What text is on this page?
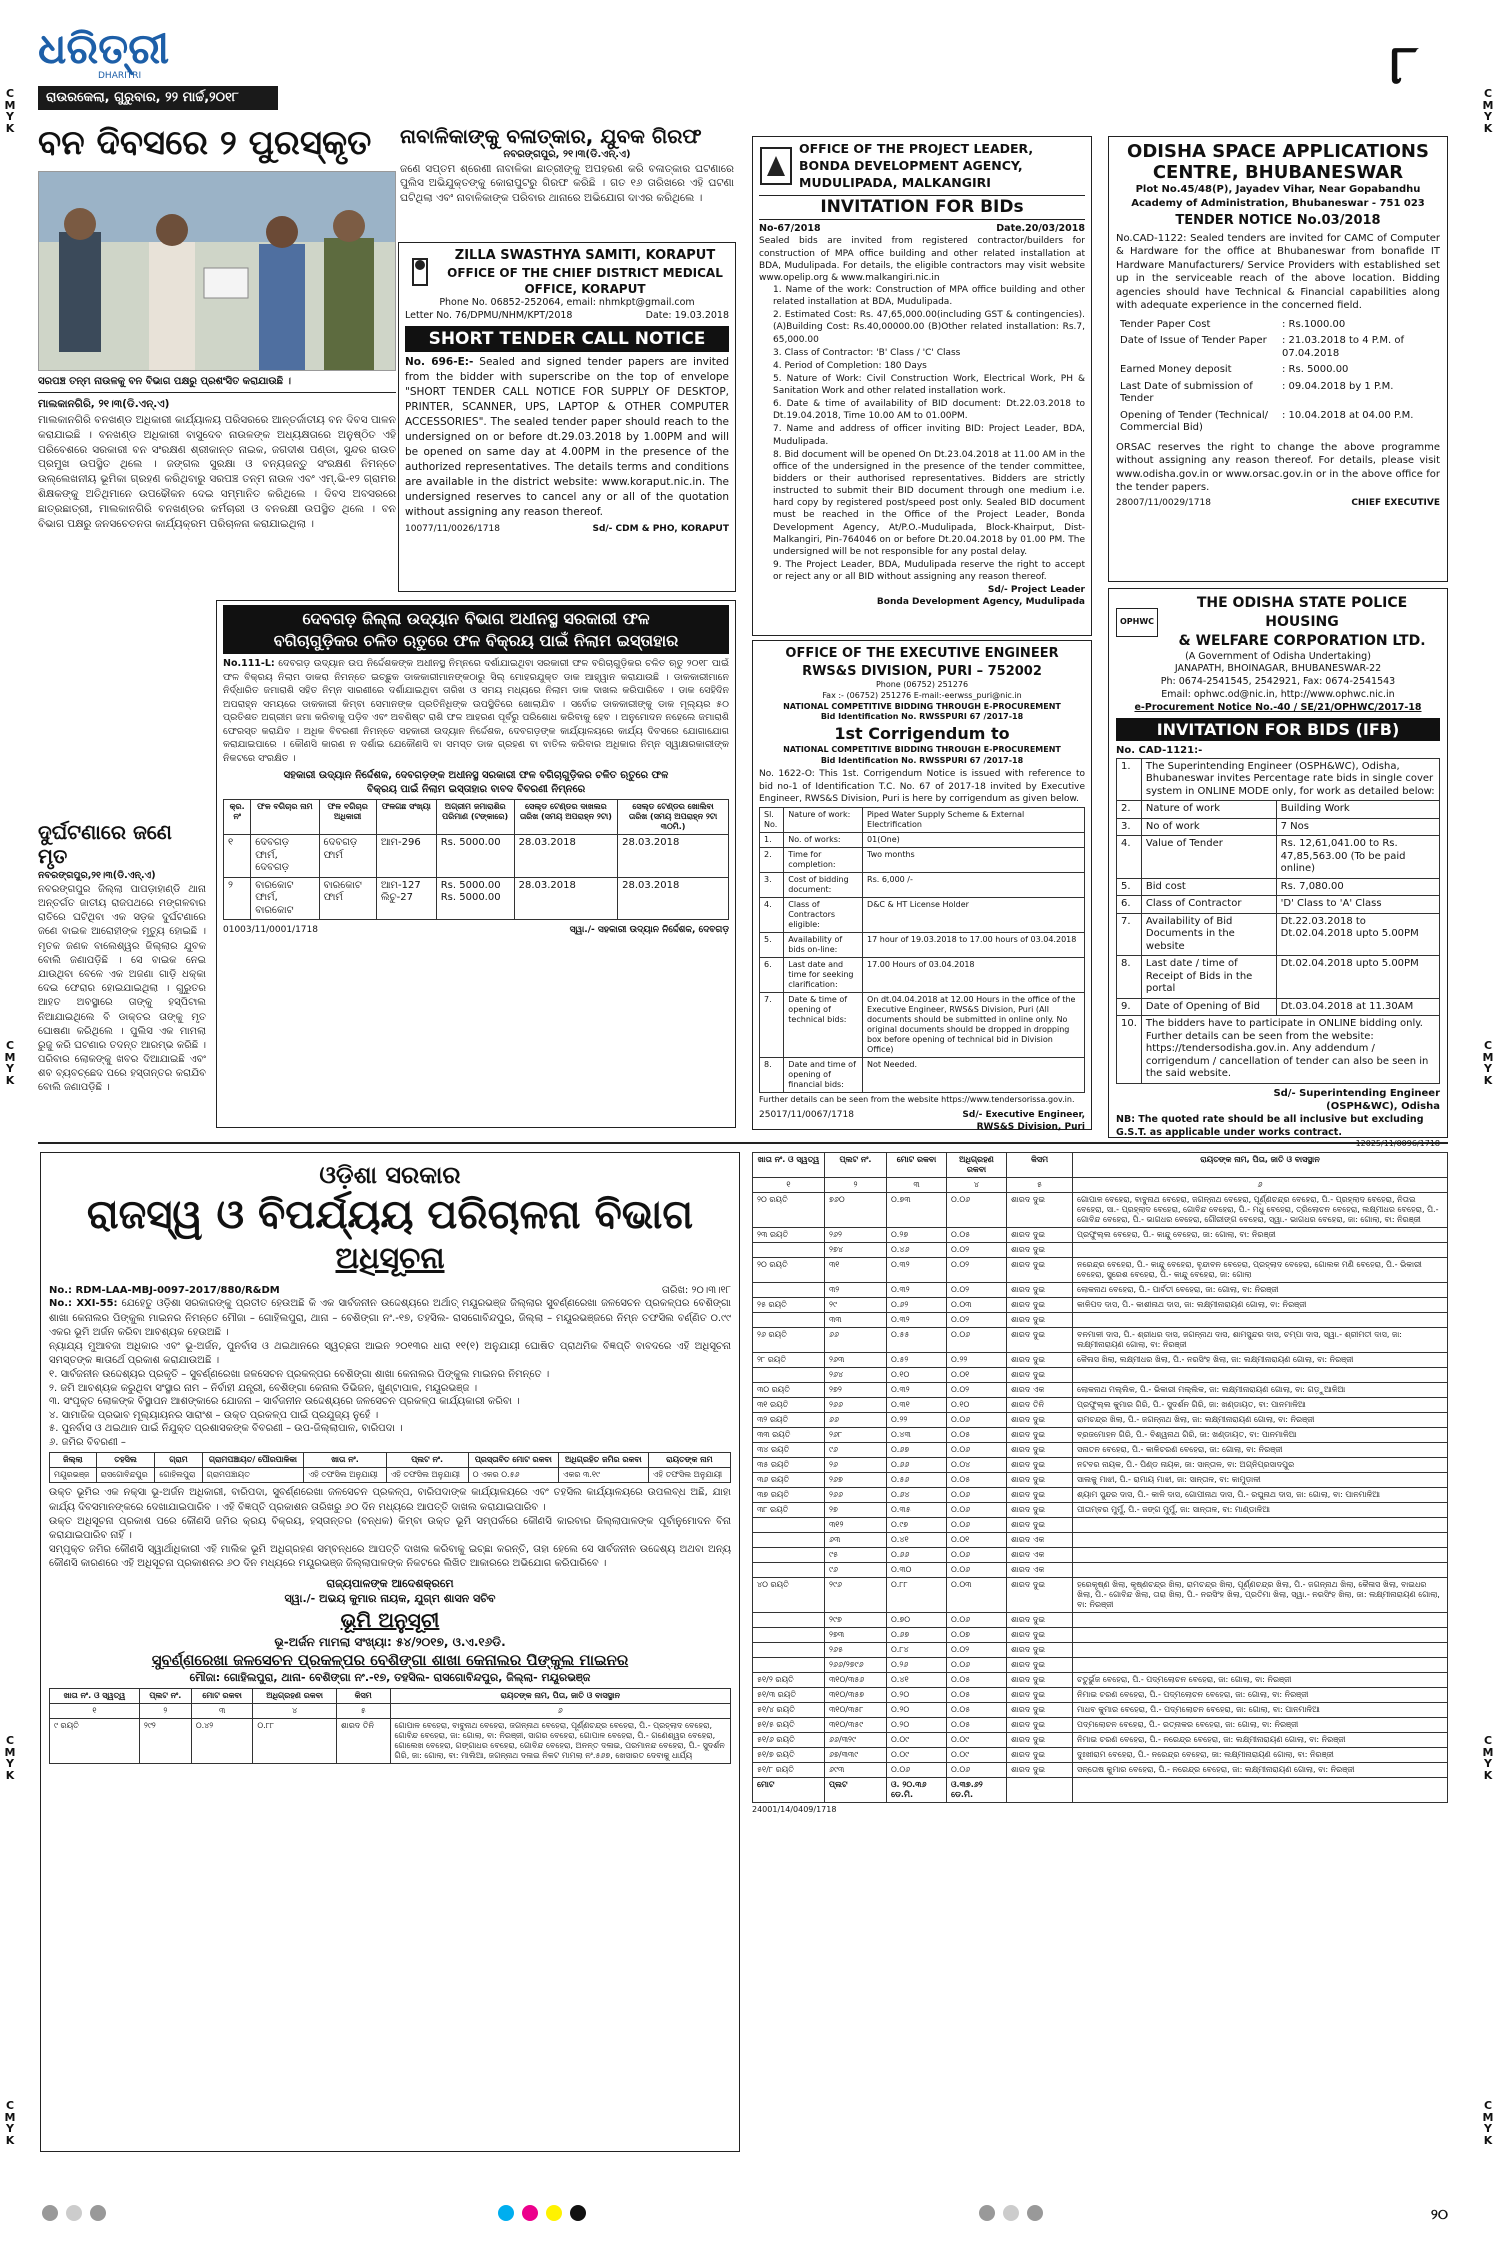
C
M
Y
K
C
M
Y
K
C
M
Y
K
C
M
Y
K
C
M
Y
K
C
M
Y
K
C
M
Y
K
C
M
Y
K
ଧରିତ୍ରୀ
DHARITRI
ରାଉରକେଲା, ଗୁରୁବାର, ୨୨ ମାର୍ଚ୍ଚ,୨୦୧୮
୮
ବନ ଦିବସରେ ୨ ପୁରସ୍କୃତ
ସରପଞ୍ଚ ତନ୍ମ ନାଉଳକୁ ବନ ବିଭାଗ ପକ୍ଷରୁ ପ୍ରଶଂସିତ କରାଯାଉଛି ।
ମାଲକାନଗିରି, ୨୧।୩(ଡି.ଏନ୍.ଏ)
ମାଲକାନଗିରି ବନଖଣ୍ଡ ଅଧିକାରୀ କାର୍ଯ୍ୟାଳୟ ପରିସରରେ ଆନ୍ତର୍ଜାତୀୟ ବନ ଦିବସ ପାଳନ କରାଯାଇଛି । ବନଖଣ୍ଡ ଅଧିକାରୀ ବାସୁଦେବ ନାଉଳଙ୍କ ଅଧ୍ୟକ୍ଷତାରେ ଅନୁଷ୍ଠିତ ଏହି ପରିବେଶରେ ସରକାରୀ ବନ ସଂରକ୍ଷଣ ଶ୍ରୀକାନ୍ତ ନାଇକ, ଜଗଦୀଶ ପଣ୍ଡା, ସୁନ୍ଦର ରାଉତ ପ୍ରମୁଖ ଉପସ୍ଥିତ ଥିଲେ । ଜଙ୍ଗଲ ସୁରକ୍ଷା ଓ ବନ୍ୟଜନ୍ତୁ ସଂରକ୍ଷଣ ନିମନ୍ତେ ଉଲ୍ଲେଖନୀୟ ଭୂମିକା ଗ୍ରହଣ କରିଥିବାରୁ ସରପଞ୍ଚ ତନ୍ମ ନାଉଳ ଏବଂ ଏମ୍.ଭି-୧୨ ଗ୍ରାମର ଶିକ୍ଷକଙ୍କୁ ଅତିଥିମାନେ ଉପଢୌକନ ଦେଇ ସମ୍ମାନିତ କରିଥିଲେ । ଦିବସ ଅବସରରେ ଛାତ୍ରଛାତ୍ରୀ, ମାଲକାନଗିରି ବନଖଣ୍ଡର କର୍ମଚାରୀ ଓ ବନରକ୍ଷୀ ଉପସ୍ଥିତ ଥିଲେ । ବନ ବିଭାଗ ପକ୍ଷରୁ ଜନସଚେତନତା କାର୍ଯ୍ୟକ୍ରମ ପରିଚାଳନା କରାଯାଇଥିଲା ।
ଦୁର୍ଘଟଣାରେ ଜଣେ ମୃତ
ନବରଙ୍ଗପୁର,୨୧।୩(ଡି.ଏନ୍.ଏ)
ନବରଙ୍ଗପୁର ଜିଲ୍ଲା ପାପଡ଼ାହାଣ୍ଡି ଥାନା ଅନ୍ତର୍ଗତ ଜାତୀୟ ରାଜପଥରେ ମଙ୍ଗଳବାର ରାତିରେ ଘଟିଥିବା ଏକ ସଡ଼କ ଦୁର୍ଘଟଣାରେ ଜଣେ ବାଇକ ଆରୋହୀଙ୍କ ମୃତ୍ୟୁ ହୋଇଛି । ମୃତକ ଜଣକ ବାଲେଶ୍ୱର ଜିଲ୍ଲାର ଯୁବକ ବୋଲି ଜଣାପଡ଼ିଛି । ସେ ବାଇକ ନେଇ ଯାଉଥିବା ବେଳେ ଏକ ଅଜଣା ଗାଡ଼ି ଧକ୍କା ଦେଇ ଫେରାର ହୋଇଯାଇଥିଲା । ଗୁରୁତର ଆହତ ଅବସ୍ଥାରେ ତାଙ୍କୁ ହସ୍ପିଟାଲ ନିଆଯାଇଥିଲେ ବି ଡାକ୍ତର ତାଙ୍କୁ ମୃତ ଘୋଷଣା କରିଥିଲେ । ପୁଲିସ ଏକ ମାମଲା ରୁଜୁ କରି ଘଟଣାର ତଦନ୍ତ ଆରମ୍ଭ କରିଛି । ପରିବାର ଲୋକଙ୍କୁ ଖବର ଦିଆଯାଇଛି ଏବଂ ଶବ ବ୍ୟବଚ୍ଛେଦ ପରେ ହସ୍ତାନ୍ତର କରାଯିବ ବୋଲି ଜଣାପଡ଼ିଛି ।
ନାବାଳିକାଙ୍କୁ ବଳାତ୍କାର, ଯୁବକ ଗିରଫ
ନବରଙ୍ଗପୁର, ୨୧।୩(ଡି.ଏନ୍.ଏ)
ଜଣେ ସପ୍ତମ ଶ୍ରେଣୀ ନାବାଳିକା ଛାତ୍ରୀଙ୍କୁ ଅପହରଣ କରି ବଳାତ୍କାର ଘଟଣାରେ ପୁଲିସ ଅଭିଯୁକ୍ତଙ୍କୁ କୋରାପୁଟରୁ ଗିରଫ କରିଛି । ଗତ ୧୬ ତାରିଖରେ ଏହି ଘଟଣା ଘଟିଥିଲା ଏବଂ ନାବାଳିକାଙ୍କ ପରିବାର ଥାନାରେ ଅଭିଯୋଗ ଦାଏର କରିଥିଲେ ।
ZILLA SWASTHYA SAMITI, KORAPUT
OFFICE OF THE CHIEF DISTRICT MEDICAL OFFICE, KORAPUT
Phone No. 06852-252064, email: nhmkpt@gmail.com
Letter No. 76/DPMU/NHM/KPT/2018	Date: 19.03.2018
SHORT TENDER CALL NOTICE
No. 696-E:- Sealed and signed tender papers are invited from the bidder with superscribe on the top of envelope "SHORT TENDER CALL NOTICE FOR SUPPLY OF DESKTOP, PRINTER, SCANNER, UPS, LAPTOP & OTHER COMPUTER ACCESSORIES". The sealed tender paper should reach to the undersigned on or before dt.29.03.2018 by 1.00PM and will be opened on same day at 4.00PM in the presence of the authorized representatives. The details terms and conditions are available in the district website: www.koraput.nic.in. The undersigned reserves to cancel any or all of the quotation without assigning any reason thereof.
10077/11/0026/1718	Sd/- CDM & PHO, KORAPUT
OFFICE OF THE PROJECT LEADER,
BONDA DEVELOPMENT AGENCY,
MUDULIPADA, MALKANGIRI
INVITATION FOR BIDs
No-67/2018	Date.20/03/2018
Sealed bids are invited from registered contractor/builders for construction of MPA office building and other related installation at BDA, Mudulipada. For details, the eligible contractors may visit website www.opelip.org & www.malkangiri.nic.in
1. Name of the work: Construction of MPA office building and other related installation at BDA, Mudulipada.
2. Estimated Cost: Rs. 47,65,000.00(including GST & contingencies). (A)Building Cost: Rs.40,00000.00 (B)Other related installation: Rs.7, 65,000.00
3. Class of Contractor: 'B' Class / 'C' Class
4. Period of Completion: 180 Days
5. Nature of Work: Civil Construction Work, Electrical Work, PH & Sanitation Work and other related installation work.
6. Date & time of availability of BID document: Dt.22.03.2018 to Dt.19.04.2018, Time 10.00 AM to 01.00PM.
7. Name and address of officer inviting BID: Project Leader, BDA, Mudulipada.
8. Bid document will be opened On Dt.23.04.2018 at 11.00 AM in the office of the undersigned in the presence of the tender committee, bidders or their authorised representatives. Bidders are strictly instructed to submit their BID document through one medium i.e. hard copy by registered post/speed post only. Sealed BID document must be reached in the Office of the Project Leader, Bonda Development Agency, At/P.O.-Mudulipada, Block-Khairput, Dist- Malkangiri, Pin-764046 on or before Dt.20.04.2018 by 01.00 PM. The undersigned will be not responsible for any postal delay.
9. The Project Leader, BDA, Mudulipada reserve the right to accept or reject any or all BID without assigning any reason thereof.
Sd/- Project Leader
Bonda Development Agency, Mudulipada
ODISHA SPACE APPLICATIONS
CENTRE, BHUBANESWAR
Plot No.45/48(P), Jayadev Vihar, Near Gopabandhu
Academy of Administration, Bhubaneswar - 751 023
TENDER NOTICE No.03/2018
No.CAD-1122: Sealed tenders are invited for CAMC of Computer & Hardware for the office at Bhubaneswar from bonafide IT Hardware Manufacturers/ Service Providers with established set up in the serviceable reach of the above location. Bidding agencies should have Technical & Financial capabilities along with adequate experience in the concerned field.
Tender Paper Cost	: Rs.1000.00
Date of Issue of Tender Paper	: 21.03.2018 to 4 P.M. of 07.04.2018
Earned Money deposit	: Rs. 5000.00
Last Date of submission of Tender	: 09.04.2018 by 1 P.M.
Opening of Tender (Technical/ Commercial Bid)	: 10.04.2018 at 04.00 P.M.
ORSAC reserves the right to change the above programme without assigning any reason thereof. For details, please visit www.odisha.gov.in or www.orsac.gov.in or in the above office for the tender papers.
28007/11/0029/1718	CHIEF EXECUTIVE
OPHWC
THE ODISHA STATE POLICE HOUSING
& WELFARE CORPORATION LTD.
(A Government of Odisha Undertaking)
JANAPATH, BHOINAGAR, BHUBANESWAR-22
Ph: 0674-2541545, 2542921, Fax: 0674-2541543
Email: ophwc.od@nic.in, http://www.ophwc.nic.in
e-Procurement Notice No.-40 / SE/21/OPHWC/2017-18
INVITATION FOR BIDS (IFB)
No. CAD-1121:-
1.	The Superintending Engineer (OSPH&WC), Odisha, Bhubaneswar invites Percentage rate bids in single cover system in ONLINE MODE only, for work as detailed below:	
2.	Nature of work	Building Work
3.	No of work	7 Nos
4.	Value of Tender	Rs. 12,61,041.00 to Rs. 47,85,563.00 (To be paid online)
5.	Bid cost	Rs. 7,080.00
6.	Class of Contractor	'D' Class to 'A' Class
7.	Availability of Bid Documents in the website	Dt.22.03.2018 to Dt.02.04.2018 upto 5.00PM
8.	Last date / time of Receipt of Bids in the portal	Dt.02.04.2018 upto 5.00PM
9.	Date of Opening of Bid	Dt.03.04.2018 at 11.30AM
10.	The bidders have to participate in ONLINE bidding only. Further details can be seen from the website: https://tendersodisha.gov.in. Any addendum / corrigendum / cancellation of tender can also be seen in the said website.	
Sd/- Superintending Engineer
(OSPH&WC), Odisha
NB: The quoted rate should be all inclusive but excluding G.S.T. as applicable under works contract.
OFFICE OF THE EXECUTIVE ENGINEER
RWS&S DIVISION, PURI – 752002
Phone (06752) 251276
Fax :- (06752) 251276 E-mail:-eerwss_puri@nic.in
NATIONAL COMPETITIVE BIDDING THROUGH E-PROCUREMENT
Bid Identification No. RWSSPURI 67 /2017-18
1st Corrigendum to
NATIONAL COMPETITIVE BIDDING THROUGH E-PROCUREMENT
Bid Identification No. RWSSPURI 67 /2017-18
No. 1622-O: This 1st. Corrigendum Notice is issued with reference to bid no-1 of Identification T.C. No. 67 of 2017-18 invited by Executive Engineer, RWS&S Division, Puri is here by corrigendum as given below.
Sl. No.	Nature of work:	Piped Water Supply Scheme & External Electrification
1.	No. of works:	01(One)
2.	Time for completion:	Two months
3.	Cost of bidding document:	Rs. 6,000 /-
4.	Class of Contractors eligible:	D&C & HT License Holder
5.	Availability of bids on-line:	17 hour of 19.03.2018 to 17.00 hours of 03.04.2018
6.	Last date and time for seeking clarification:	17.00 Hours of 03.04.2018
7.	Date & time of opening of technical bids:	On dt.04.04.2018 at 12.00 Hours in the office of the Executive Engineer, RWS&S Division, Puri (All documents should be submitted in online only. No original documents should be dropped in dropping box before opening of technical bid in Division Office)
8.	Date and time of opening of financial bids:	Not Needed.
Further details can be seen from the website https://www.tendersorissa.gov.in.
25017/11/0067/1718	Sd/- Executive Engineer,
RWS&S Division, Puri
ଦେବଗଡ଼ ଜିଲ୍ଲା ଉଦ୍ୟାନ ବିଭାଗ ଅଧୀନସ୍ଥ ସରକାରୀ ଫଳ
ବଗିଚାଗୁଡ଼ିକର ଚଳିତ ଋତୁରେ ଫଳ ବିକ୍ରୟ ପାଇଁ ନିଲାମ ଇସ୍ତାହାର
No.111-L: ଦେବଗଡ଼ ଉଦ୍ୟାନ ଉପ ନିର୍ଦ୍ଦେଶକଙ୍କ ଅଧୀନସ୍ଥ ନିମ୍ନରେ ଦର୍ଶାଯାଇଥିବା ସରକାରୀ ଫଳ ବଗିଚାଗୁଡ଼ିକର ଚଳିତ ଋତୁ ୨୦୧୮ ପାଇଁ ଫଳ ବିକ୍ରୟ ନିଲାମ ଡାକରା ନିମନ୍ତେ ଇଚ୍ଛୁକ ଡାକକାରୀମାନଙ୍କଠାରୁ ସିଲ୍ ମୋହରଯୁକ୍ତ ଡାକ ଆହ୍ୱାନ କରାଯାଉଛି । ଡାକକାରୀମାନେ ନିର୍ଦ୍ଧାରିତ ଜମାରାଶି ସହିତ ନିମ୍ନ ସାରଣୀରେ ଦର୍ଶାଯାଇଥିବା ତାରିଖ ଓ ସମୟ ମଧ୍ୟରେ ନିଲାମ ଡାକ ଦାଖଲ କରିପାରିବେ । ଡାକ ସେହିଦିନ ଅପରାହ୍ନ ସମୟରେ ଡାକକାରୀ କିମ୍ବା ସେମାନଙ୍କ ପ୍ରତିନିଧିଙ୍କ ଉପସ୍ଥିତିରେ ଖୋଲାଯିବ । ସର୍ବୋଚ୍ଚ ଡାକକାରୀଙ୍କୁ ଡାକ ମୂଲ୍ୟର ୫୦ ପ୍ରତିଶତ ଅଗ୍ରୀମ ଜମା କରିବାକୁ ପଡ଼ିବ ଏବଂ ଅବଶିଷ୍ଟ ରାଶି ଫଳ ଆହରଣ ପୂର୍ବରୁ ପରିଶୋଧ କରିବାକୁ ହେବ । ଅନୁମୋଦନ ନହେଲେ ଜମାରାଶି ଫେରସ୍ତ କରାଯିବ । ଅଧିକ ବିବରଣୀ ନିମନ୍ତେ ସହକାରୀ ଉଦ୍ୟାନ ନିର୍ଦ୍ଦେଶକ, ଦେବଗଡ଼ଙ୍କ କାର୍ଯ୍ୟାଳୟରେ କାର୍ଯ୍ୟ ଦିବସରେ ଯୋଗାଯୋଗ କରାଯାଇପାରେ । କୌଣସି କାରଣ ନ ଦର୍ଶାଇ ଯେକୌଣସି ବା ସମସ୍ତ ଡାକ ଗ୍ରହଣ ବା ବାତିଲ କରିବାର ଅଧିକାର ନିମ୍ନ ସ୍ୱାକ୍ଷରକାରୀଙ୍କ ନିକଟରେ ସଂରକ୍ଷିତ ।
ସହକାରୀ ଉଦ୍ୟାନ ନିର୍ଦ୍ଦେଶକ, ଦେବଗଡ଼ଙ୍କ ଅଧୀନସ୍ଥ ସରକାରୀ ଫଳ ବଗିଚାଗୁଡ଼ିକର ଚଳିତ ଋତୁରେ ଫଳ
ବିକ୍ରୟ ପାଇଁ ନିଲାମ ଇସ୍ତାହାର ବାବଦ ବିବରଣୀ ନିମ୍ନରେ
କ୍ର. ନଂ	ଫଳ ବଗିଚାର ନାମ	ଫଳ ବଗିଚାର ଅଧିକାରୀ	ଫଳଗଛ ସଂଖ୍ୟା	ଅଗ୍ରୀମ ଜମାରାଶିର ପରିମାଣ (ଟଙ୍କାରେ)	ସେଲ୍ଡ ଟେଣ୍ଡର ଦାଖଲର ତାରିଖ (ସମୟ ଅପରାହ୍ନ ୨ଟା)	ସେଲ୍ଡ ଟେଣ୍ଡର ଖୋଲିବା ତାରିଖ (ସମୟ ଅପରାହ୍ନ ୨ଟା ୩୦ମି.)
୧	ଦେବଗଡ଼ ଫାର୍ମ, ଦେବଗଡ଼	ଦେବଗଡ଼ ଫାର୍ମ	ଆମ-296	Rs. 5000.00	28.03.2018	28.03.2018
୨	ବାରକୋଟ ଫାର୍ମ, ବାରକୋଟ	ବାରକୋଟ ଫାର୍ମ	ଆମ-127 ଲିଚୁ-27	Rs. 5000.00 Rs. 5000.00	28.03.2018	28.03.2018
01003/11/0001/1718	ସ୍ୱା./- ସହକାରୀ ଉଦ୍ୟାନ ନିର୍ଦ୍ଦେଶକ, ଦେବଗଡ଼
ଓଡ଼ିଶା ସରକାର
ରାଜସ୍ୱ ଓ ବିପର୍ଯ୍ୟୟ ପରିଚାଳନା ବିଭାଗ
ଅଧିସୂଚନା
No.: RDM-LAA-MBJ-0097-2017/880/R&DM	ତାରିଖ: ୨୦।୩।୧୮
No.: XXI-55: ଯେହେତୁ ଓଡ଼ିଶା ସରକାରଙ୍କୁ ପ୍ରତୀତ ହେଉଅଛି କି ଏକ ସାର୍ବଜନୀନ ଉଦ୍ଦେଶ୍ୟରେ ଅର୍ଥାତ୍ ମୟୂରଭଞ୍ଜ ଜିଲ୍ଲାର ସୁବର୍ଣ୍ଣରେଖା ଜଳସେଚନ ପ୍ରକଳ୍ପର ବେଶିଙ୍ଗା ଶାଖା କେନାଲର ପିଙ୍କୁଲ ମାଇନର ନିମନ୍ତେ ମୌଜା – ଗୋହିଲପୁରା, ଥାନା – ବେଶିଙ୍ଗା ନଂ.-୧୭, ତହସିଲ- ରାସଗୋବିନ୍ଦପୁର, ଜିଲ୍ଲା – ମୟୂରଭଞ୍ଜରେ ନିମ୍ନ ତଫସିଲ ବର୍ଣ୍ଣିତ ୦.୯୯ ଏକର ଭୂମି ଅର୍ଜନ କରିବା ଆବଶ୍ୟକ ହେଉଅଛି ।
ନ୍ୟାଯ୍ୟ ମୁଆବଜା ଅଧିକାର ଏବଂ ଭୂ-ଅର୍ଜନ, ପୁନର୍ବାସ ଓ ଥଇଥାନରେ ସ୍ୱଚ୍ଛତା ଆଇନ ୨୦୧୩ର ଧାରା ୧୧(୧) ଅନୁଯାୟୀ ଘୋଷିତ ପ୍ରାଥମିକ ବିଜ୍ଞପ୍ତି ବାବଦରେ ଏହି ଅଧିସୂଚନା ସମସ୍ତଙ୍କ ଜ୍ଞାତାର୍ଥେ ପ୍ରକାଶ କରାଯାଉଅଛି ।
୧. ସାର୍ବଜନୀନ ଉଦ୍ଦେଶ୍ୟର ପ୍ରକୃତି – ସୁବର୍ଣ୍ଣରେଖା ଜଳସେଚନ ପ୍ରକଳ୍ପର ବେଶିଙ୍ଗା ଶାଖା କେନାଲର ପିଙ୍କୁଲ ମାଇନର ନିମନ୍ତେ ।
୨. ଜମି ଆବଶ୍ୟକ କରୁଥିବା ସଂସ୍ଥାର ନାମ – ନିର୍ବାହୀ ଯନ୍ତ୍ରୀ, ବେଶିଙ୍ଗା କେନାଲ ଡିଭିଜନ, ଖୁଣ୍ଟାପାଳ, ମୟୂରଭଞ୍ଜ ।
୩. ସଂପୃକ୍ତ ଲୋକଙ୍କ ବିସ୍ଥାପନ ଆଶଙ୍କାରେ ଯୋଜନା – ସାର୍ବଜନୀନ ଉଦ୍ଦେଶ୍ୟରେ ଜଳସେଚନ ପ୍ରକଳ୍ପ କାର୍ଯ୍ୟକାରୀ କରିବା ।
୪. ସାମାଜିକ ପ୍ରଭାବ ମୂଲ୍ୟାୟନର ସାରାଂଶ – ଉକ୍ତ ପ୍ରକଳ୍ପ ପାଇଁ ପ୍ରଯୁଜ୍ୟ ନୁହେଁ ।
୫. ପୁନର୍ବାସ ଓ ଥଇଥାନ ପାଇଁ ନିଯୁକ୍ତ ପ୍ରଶାସକଙ୍କ ବିବରଣୀ – ଉପ-ଜିଲ୍ଲାପାଳ, ବାରିପଦା ।
୬. ଜମିର ବିବରଣୀ –
ଜିଲ୍ଲା	ତହସିଲ	ଗ୍ରାମ	ଗ୍ରାମପଞ୍ଚାୟତ/ ପୌରପାଳିକା	ଖାତା ନଂ.	ପ୍ଲଟ ନଂ.	ପ୍ରସ୍ତାବିତ ମୋଟ ରକବା	ଅଧିଗ୍ରହିତ ଜମିର ରକବା	ରାୟତଙ୍କ ନାମ
ମୟୂରଭଞ୍ଜ	ରାସଗୋବିନ୍ଦପୁର	ଗୋହିଲପୁରା	ଗ୍ରାମପଞ୍ଚାୟତ	ଏହି ତଫସିଲ ଅନୁଯାୟୀ	ଏହି ତଫସିଲ ଅନୁଯାୟୀ	୦ ଏକର ୦.୫୬	ଏକର ୩.୧୯	ଏହି ତଫସିଲ ଅନୁଯାୟୀ
ଉକ୍ତ ଭୂମିର ଏକ ନକ୍ସା ଭୂ-ଅର୍ଜନ ଅଧିକାରୀ, ବାରିପଦା, ସୁବର୍ଣ୍ଣରେଖା ଜଳସେଚନ ପ୍ରକଳ୍ପ, ବାରିପଦାଙ୍କ କାର୍ଯ୍ୟାଳୟରେ ଏବଂ ତହସିଲ କାର୍ଯ୍ୟାଳୟରେ ଉପଲବ୍ଧ ଅଛି, ଯାହା କାର୍ଯ୍ୟ ଦିବସମାନଙ୍କରେ ଦେଖାଯାଇପାରିବ । ଏହି ବିଜ୍ଞପ୍ତି ପ୍ରକାଶନ ତାରିଖରୁ ୬୦ ଦିନ ମଧ୍ୟରେ ଆପତ୍ତି ଦାଖଲ କରାଯାଇପାରିବ ।
ଉକ୍ତ ଅଧିସୂଚନା ପ୍ରକାଶ ପରେ କୌଣସି ଜମିର କ୍ରୟ ବିକ୍ରୟ, ହସ୍ତାନ୍ତର (ବନ୍ଧକ) କିମ୍ବା ଉକ୍ତ ଭୂମି ସମ୍ପର୍କରେ କୌଣସି କାରବାର ଜିଲ୍ଲାପାଳଙ୍କ ପୂର୍ବାନୁମୋଦନ ବିନା କରାଯାଇପାରିବ ନାହିଁ ।
ସମ୍ପୃକ୍ତ ଜମିର କୌଣସି ସ୍ୱାର୍ଥାଧିକାରୀ ଏହି ମାଲିକ ଭୂମି ଅଧିଗ୍ରହଣ ସମ୍ବନ୍ଧରେ ଆପତ୍ତି ଦାଖଲ କରିବାକୁ ଇଚ୍ଛା କରନ୍ତି, ତାହା ହେଲେ ସେ ସାର୍ବଜନୀନ ଉଦ୍ଦେଶ୍ୟ ଅଥବା ଅନ୍ୟ କୌଣସି କାରଣରେ ଏହି ଅଧିସୂଚନା ପ୍ରକାଶନର ୬୦ ଦିନ ମଧ୍ୟରେ ମୟୂରଭଞ୍ଜ ଜିଲ୍ଲାପାଳଙ୍କ ନିକଟରେ ଲିଖିତ ଆକାରରେ ଅଭିଯୋଗ କରିପାରିବେ ।
ରାଜ୍ୟପାଳଙ୍କ ଆଦେଶକ୍ରମେ
ସ୍ୱା./- ଅଭୟ କୁମାର ନାୟକ, ଯୁଗ୍ମ ଶାସନ ସଚିବ
ଭୂମି ଅନୁସୂଚୀ
ଭୂ-ଅର୍ଜନ ମାମଲା ସଂଖ୍ୟା: ୫୪/୨୦୧୭, ଓ.ଏ.୧୬ଡି.
ସୁବର୍ଣ୍ଣରେଖା ଜଳସେଚନ ପ୍ରକଳ୍ପର ବେଶିଙ୍ଗା ଶାଖା କେନାଲର ପିଙ୍କୁଲ ମାଇନର
ମୌଜା: ଗୋହିଲପୁରା, ଥାନା- ବେଶିଙ୍ଗା ନଂ.-୧୭, ତହସିଲ- ରାସଗୋବିନ୍ଦପୁର, ଜିଲ୍ଲା- ମୟୂରଭଞ୍ଜ
ଖାତା ନଂ. ଓ ସ୍ୱତ୍ୱ	ପ୍ଲଟ ନଂ.	ମୋଟ ରକବା	ଅଧିଗ୍ରହଣ ରକବା	କିସମ	ରାୟତଙ୍କ ନାମ, ପିତା, ଜାତି ଓ ବାସସ୍ଥାନ
୧	୨	୩	୪	୫	୬
୯ ରୟତି	୨୯୨	୦.୪୨	୦.୮୮	ଶାରଦ ତିନି	ଗୋପାଳ ବେହେରା, ବାବୁନାଥ ବେହେରା, ଜଗନ୍ନାଥ ବେହେରା, ପୂର୍ଣ୍ଣଚନ୍ଦ୍ର ବେହେରା, ପି.- ପ୍ରହ୍ଲାଦ ବେହେରା, ଗୋବିନ୍ଦ ବେହେରା, ଜା: ଗୋଲା, ବା: ନିରଞ୍ଜୀ, ସାଗର ବେହେରା, ଗୋପାଳ ବେହେରା, ପି.- ଗଣେଶ୍ୱର ବେହେରା, ଗୋଲେଖ ବେହେରା, ଗଙ୍ଗାଧର ବେହେରା, ଗୋବିନ୍ଦ ବେହେରା, ଅନନ୍ତ ଦଳାଇ, ପରମାନନ୍ଦ ବେହେରା, ପି.- ସୁଦର୍ଶନ ଗିରି, ଜା: ଗୋଲା, ବା: ମାଲିଆ, ଜଗନ୍ନାଥ ଦଳାଇ ନିକଟ ମାମଲା ନଂ.୫୬୭, ଖେସାରତ ଦେବାକୁ ଧାର୍ଯ୍ୟ
ଖାତା ନଂ. ଓ ସ୍ୱତ୍ୱ	ପ୍ଲଟ ନଂ.	ମୋଟ ରକବା	ଅଧିଗ୍ରହଣ ରକବା	କିସମ	ରାୟତଙ୍କ ନାମ, ପିତା, ଜାତି ଓ ବାସସ୍ଥାନ
୧	୨	୩	୪	୫	୬
୨୦ ରୟତି	୭୬୦	୦.୭୩	୦.୦୬	ଶାରଦ ଦୁଇ	ଗୋପାଳ ବେହେରା, ବାବୁନାଥ ବେହେରା, ଜଗନ୍ନାଥ ବେହେରା, ପୂର୍ଣ୍ଣଚନ୍ଦ୍ର ବେହେରା, ପି.- ପ୍ରହ୍ଲାଦ ବେହେରା, ନିତାଇ ବେହେରା, ସା.- ପ୍ରହ୍ଲାଦ ବେହେରା, ଗୋବିନ୍ଦ ବେହେରା, ପି.- ମଧୁ ବେହେରା, ତ୍ରିଲୋଚନ ବେହେରା, ଲକ୍ଷ୍ମୀଧର ବେହେରା, ପି.- ଗୋବିନ୍ଦ ବେହେରା, ପି.- ଭାଗଧର ବେହେରା, ଗୌରୀଙ୍ଗ ବେହେରା, ସ୍ୱା.- ଭାଗଧର ବେହେରା, ଜା: ଗୋଲା, ବା: ନିରଞ୍ଜୀ
୨୩ ରୟତି	୨୬୨	୦.୨୭	୦.୦୫	ଶାରଦ ଦୁଇ	ପ୍ରଫୁଲ୍ଲ ବେହେରା, ପି.- କାନ୍ଦୁ ବେହେରା, ଜା: ଗୋଲା, ବା: ନିରଞ୍ଜୀ
	୨୭୪	୦.୪୬	୦.୦୨	ଶାରଦ ଦୁଇ	
୨୦ ରୟତି	୩୧	୦.୩୨	୦.୦୨	ଶାରଦ ଦୁଇ	ନରେନ୍ଦ୍ର ବେହେରା, ପି.- କାନ୍ଦୁ ବେହେରା, ବୃନ୍ଦାବନ ବେହେରା, ପ୍ରହ୍ଲାଦ ବେହେରା, ଗୋଲକ ମଣି ବେହେରା, ପି.- ଭିକାରୀ ବେହେରା, ସୁରେଶ ବେହେରା, ପି.- କାନ୍ଦୁ ବେହେରା, ଜା: ଗୋଲା
	୩୨	୦.୩୨	୦.୦୨	ଶାରଦ ଦୁଇ	ଲୋକନାଥ ବେହେରା, ପି.- ପାର୍ବତୀ ବେହେରା, ଜା: ଗୋଲା, ବା: ନିରଞ୍ଜୀ
୨୫ ରୟତି	୨୯	୦.୬୨	୦.୦୩	ଶାରଦ ଦୁଇ	କାଳିପଦ ଦାସ, ପି.- କାଶୀନାଥ ଦାସ, ଜା: ଲକ୍ଷ୍ମୀନାରାୟଣ ଗୋଲା, ବା: ନିରଞ୍ଜୀ
	୩୩	୦.୩୨	୦.୦୨	ଶାରଦ ଦୁଇ	
୨୬ ରୟତି	୬୬	୦.୫୫	୦.୦୬	ଶାରଦ ଦୁଇ	ବନମାଳୀ ଦାସ, ପି.- ଶ୍ରୀଧର ଦାସ, ଜଗନ୍ନାଥ ଦାସ, ଶାମସୁନ୍ଦର ଦାସ, ଚମ୍ପା ଦାସ, ସ୍ୱା.- ଶ୍ରୀମତୀ ଦାସ, ଜା: ଲକ୍ଷ୍ମୀନାରାୟଣ ଗୋଲା, ବା: ନିରଞ୍ଜୀ
୨୮ ରୟତି	୨୬୩	୦.୫୨	୦.୨୨	ଶାରଦ ଦୁଇ	କୈଳାସ ଖିଲା, ଲକ୍ଷ୍ମୀଧର ଖିଲା, ପି.- ନରସିଂହ ଖିଲା, ଜା: ଲକ୍ଷ୍ମୀନାରାୟଣ ଗୋଲା, ବା: ନିରଞ୍ଜୀ
	୨୬୪	୦.୧୦	୦.୦୧	ଶାରଦ ଦୁଇ	
୩୦ ରୟତି	୨୭୨	୦.୩୨	୦.୦୨	ଶାରଦ ଏକ	ଲୋକନାଥ ମଲ୍ଲିକ, ପି.- ଭିକାରୀ ମଲ୍ଲିକ, ଜା: ଲକ୍ଷ୍ମୀନାରାୟଣ ଗୋଲା, ବା: ଗଡ଼ୁଆଳିଆ
୩୧ ରୟତି	୨୬୬	୦.୩୧	୦.୧୦	ଶାରଦ ତିନି	ପ୍ରଫୁଲ୍ଲ କୁମାର ଗିରି, ପି.- ସୁଦର୍ଶନ ଗିରି, ଜା: ଖଣ୍ଡାୟତ, ବା: ପାନମାଳିଆ
୩୨ ରୟତି	୬୬	୦.୨୨	୦.୦୬	ଶାରଦ ଦୁଇ	ରାମଚନ୍ଦ୍ର ଖିଲା, ପି.- ଜଗନ୍ନାଥ ଖିଲା, ଜା: ଲକ୍ଷ୍ମୀନାରାୟଣ ଗୋଲା, ବା: ନିରଞ୍ଜୀ
୩୩ ରୟତି	୨୬୮	୦.୪୩	୦.୦୫	ଶାରଦ ଦୁଇ	ବ୍ରଜମୋହନ ଗିରି, ପି.- ବିଶ୍ୱନାଥ ଗିରି, ଜା: ଖଣ୍ଡାୟତ, ବା: ପାନମାଳିଆ
୩୪ ରୟତି	୯୬	୦.୬୭	୦.୦୬	ଶାରଦ ଦୁଇ	ସନାତନ ବେହେରା, ପି.- କାଳିଚରଣ ବେହେରା, ଜା: ଗୋଲା, ବା: ନିରଞ୍ଜୀ
୩୫ ରୟତି	୨୬	୦.୬୬	୦.୦୪	ଶାରଦ ଦୁଇ	ନଟବର ନାୟକ, ପି.- ପିଣ୍ଡ ନାୟକ, ଜା: ସାନ୍ତାଳ, ବା: ଅଗ୍ନିପ୍ରସାଦପୁର
୩୬ ରୟତି	୨୬୭	୦.୫୬	୦.୦୫	ଶାରଦ ଦୁଇ	ସାଲକୁ ମାଝୀ, ପି.- ରାମାୟ ମାଝୀ, ଜା: ସାନ୍ତାଳ, ବା: କାମୁଡ଼ାଳୀ
୩୭ ରୟତି	୨୬୬	୦.୬୪	୦.୦୬	ଶାରଦ ଦୁଇ	ଶ୍ୟାମ ସୁନ୍ଦର ଦାସ, ପି.- କାଳି ଦାସ, ଗୋପୀନାଥ ଦାସ, ପି.- ରଘୁନାଥ ଦାସ, ଜା: ଗୋଲା, ବା: ପାନମାଳିଆ
୩୮ ରୟତି	୨୭	୦.୩୫	୦.୦୬	ଶାରଦ ଦୁଇ	ପୀତାମ୍ବର ମୁର୍ମୁ, ପି.- ଜଙ୍ଗ ମୁର୍ମୁ, ଜା: ସାନ୍ତାଳ, ବା: ମାଣ୍ଡାଳିଆ
	୩୧୨	୦.୯୭	୦.୦୬	ଶାରଦ ଦୁଇ	
	୬୩	୦.୪୧	୦.୦୧	ଶାରଦ ଏକ	
	୯୫	୦.୬୬	୦.୦୬	ଶାରଦ ଏକ	
	୯୬	୦.୩୦	୦.୦୬	ଶାରଦ ଏକ	
୪୦ ରୟତି	୨୯୬	୦.୮୮	୦.୦୩	ଶାରଦ ଦୁଇ	ହରେକୃଷ୍ଣ ଖିଲା, କୃଷ୍ଣଚନ୍ଦ୍ର ଖିଲା, ରାମଚନ୍ଦ୍ର ଖିଲା, ପୂର୍ଣ୍ଣଚନ୍ଦ୍ର ଖିଲା, ପି.- ଜଗନ୍ନାଥ ଖିଲା, କୈଳାସ ଖିଲା, ବାଇଧର ଖିଲା, ପି.- ଗୋବିନ୍ଦ ଖିଲା, ତାରା ଖିଲା, ପି.- ନରସିଂହ ଖିଲା, ପ୍ରତିମା ଖିଲା, ସ୍ୱା.- ନରସିଂହ ଖିଲା, ଜା: ଲକ୍ଷ୍ମୀନାରାୟଣ ଗୋଲା, ବା: ନିରଞ୍ଜୀ
	୨୯୭	୦.୭୦	୦.୦୬	ଶାରଦ ଦୁଇ	
	୨୭୩	୦.୬୭	୦.୦୭	ଶାରଦ ଦୁଇ	
	୨୬୫	୦.୮୪	୦.୦୨	ଶାରଦ ଦୁଇ	
	୨୬୬/୨୭୯୬	୦.୨୬	୦.୦୬	ଶାରଦ ଦୁଇ	
୫୧/୨ ରୟତି	୩୧୦/୩୫୬	୦.୪୧	୦.୦୫	ଶାରଦ ଦୁଇ	ଚତୁର୍ଭୁଜ ବେହେରା, ପି.- ପଦ୍ମଲୋଚନ ବେହେରା, ଜା: ଗୋଲା, ବା: ନିରଞ୍ଜୀ
୫୧/୩ ରୟତି	୩୧୦/୩୫୭	୦.୨୦	୦.୦୫	ଶାରଦ ଦୁଇ	ନିମାଇ ଚରଣ ବେହେରା, ପି.- ପଦ୍ମଲୋଚନ ବେହେରା, ଜା: ଗୋଲା, ବା: ନିରଞ୍ଜୀ
୫୧/୪ ରୟତି	୩୧୦/୩୫୮	୦.୨୦	୦.୦୫	ଶାରଦ ଦୁଇ	ମାଧବ କୁମାର ବେହେରା, ପି.- ପଦ୍ମଲୋଚନ ବେହେରା, ଜା: ଗୋଲା, ବା: ପାନମାଳିଆ
୫୧/୫ ରୟତି	୩୧୦/୩୫୯	୦.୨୦	୦.୦୫	ଶାରଦ ଦୁଇ	ପଦ୍ମଲୋଚନ ବେହେରା, ପି.- ରତ୍ନାକର ବେହେରା, ଜା: ଗୋଲା, ବା: ନିରଞ୍ଜୀ
୫୧/୬ ରୟତି	୬୬/୩୨୯	୦.୦୯	୦.୦୯	ଶାରଦ ଦୁଇ	ନିମାଇ ଚରଣ ବେହେରା, ପି.- ନରେନ୍ଦ୍ର ବେହେରା, ଜା: ଲକ୍ଷ୍ମୀନାରାୟଣ ଗୋଲା, ବା: ନିରଞ୍ଜୀ
୫୧/୭ ରୟତି	୬୭/୩୩୯	୦.୦୯	୦.୦୯	ଶାରଦ ଦୁଇ	ଦୁଃଖୀରାମ ବେହେରା, ପି.- ନରେନ୍ଦ୍ର ବେହେରା, ଜା: ଲକ୍ଷ୍ମୀନାରାୟଣ ଗୋଲା, ବା: ନିରଞ୍ଜୀ
୫୧/୮ ରୟତି	୬୯୩	୦.୦୬	୦.୦୬	ଶାରଦ ଦୁଇ	ସନ୍ତୋଷ କୁମାର ବେହେରା, ପି.- ନରେନ୍ଦ୍ର ବେହେରା, ଜା: ଲକ୍ଷ୍ମୀନାରାୟଣ ଗୋଲା, ବା: ନିରଞ୍ଜୀ
ମୋଟ	ପ୍ଲଟ	ଓ. ୨୦.୩୬ ଡେ.ମି.	ଓ.୩୭.୬୨ ଡେ.ମି.		
24001/14/0409/1718
୨୦
